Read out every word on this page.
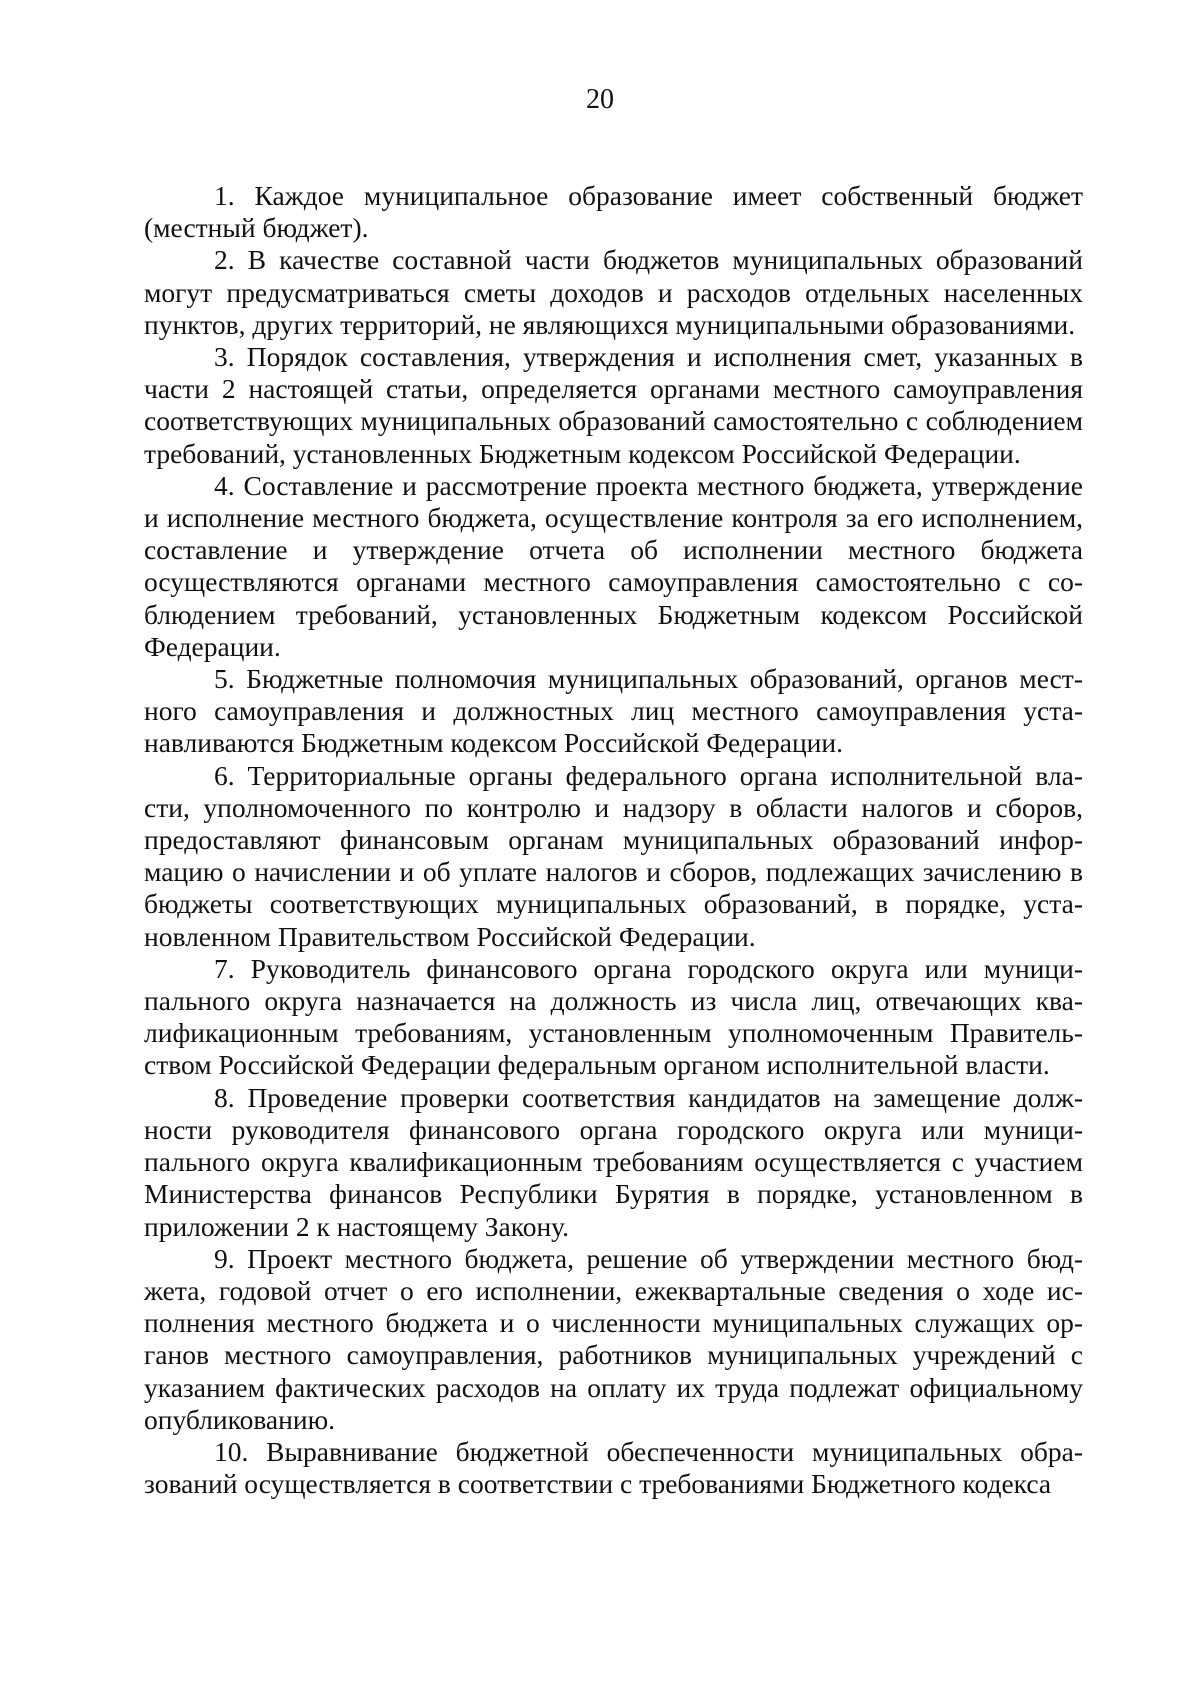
20

1. Каждое муниципальное образование имеет собственный бюджет (местный бюджет).

2. В качестве составной части бюджетов муниципальных образований могут предусматриваться сметы доходов и расходов отдельных населенных пунктов, других территорий, не являющихся муниципальными образованиями.

3. Порядок составления, утверждения и исполнения смет, указанных в части 2 настоящей статьи, определяется органами местного самоуправления соответствующих муниципальных образований самостоятельно с соблюдением требований, установленных Бюджетным кодексом Российской Федерации.

4. Составление и рассмотрение проекта местного бюджета, утверждение и исполнение местного бюджета, осуществление контроля за его исполнением, составление и утверждение отчета об исполнении местного бюджета осуществляются органами местного самоуправления самостоятельно с соблюдением требований, установленных Бюджетным кодексом Российской Федерации.

5. Бюджетные полномочия муниципальных образований, органов местного самоуправления и должностных лиц местного самоуправления устанавливаются Бюджетным кодексом Российской Федерации.

6. Территориальные органы федерального органа исполнительной власти, уполномоченного по контролю и надзору в области налогов и сборов, предоставляют финансовым органам муниципальных образований информацию о начислении и об уплате налогов и сборов, подлежащих зачислению в бюджеты соответствующих муниципальных образований, в порядке, установленном Правительством Российской Федерации.

7. Руководитель финансового органа городского округа или муниципального округа назначается на должность из числа лиц, отвечающих квалификационным требованиям, установленным уполномоченным Правительством Российской Федерации федеральным органом исполнительной власти.

8. Проведение проверки соответствия кандидатов на замещение должности руководителя финансового органа городского округа или муниципального округа квалификационным требованиям осуществляется с участием Министерства финансов Республики Бурятия в порядке, установленном в приложении 2 к настоящему Закону.

9. Проект местного бюджета, решение об утверждении местного бюджета, годовой отчет о его исполнении, ежеквартальные сведения о ходе исполнения местного бюджета и о численности муниципальных служащих органов местного самоуправления, работников муниципальных учреждений с указанием фактических расходов на оплату их труда подлежат официальному опубликованию.

10. Выравнивание бюджетной обеспеченности муниципальных образований осуществляется в соответствии с требованиями Бюджетного кодекса
